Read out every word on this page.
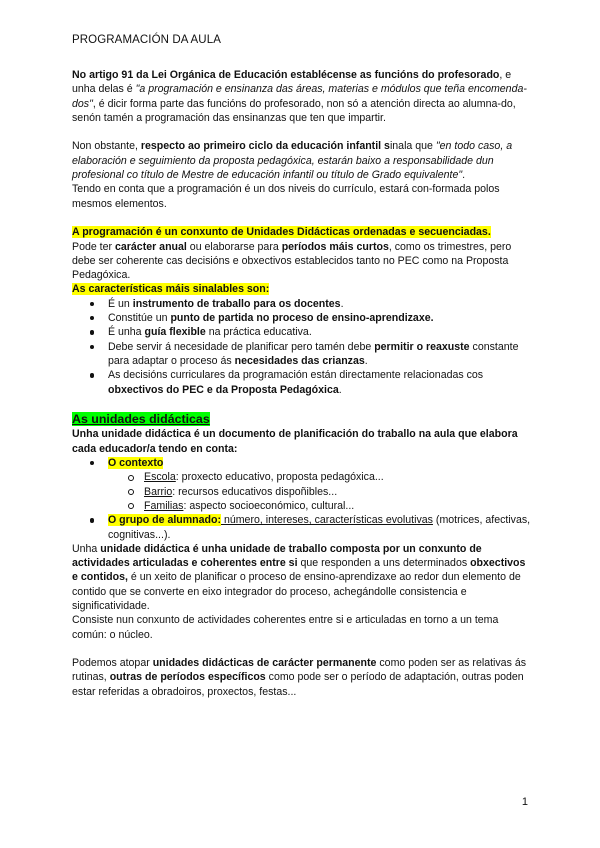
PROGRAMACIÓN DA AULA

No artigo 91 da Lei Orgánica de Educación establécense as funcións do profesorado, e unha delas é "a programación e ensinanza das áreas, materias e módulos que teña encomenda-dos", é dicir forma parte das funcións do profesorado, non só a atención directa ao alumna-do, senón tamén a programación das ensinanzas que ten que impartir.

Non obstante, respecto ao primeiro ciclo da educación infantil sinala que "en todo caso, a elaboración e seguimiento da proposta pedagóxica, estarán baixo a responsabilidade dun profesional co título de Mestre de educación infantil ou título de Grado equivalente".

Tendo en conta que a programación é un dos niveis do currículo, estará con-formada polos mesmos elementos.

A programación é un conxunto de Unidades Didácticas ordenadas e secuenciadas.

Pode ter carácter anual ou elaborarse para períodos máis curtos, como os trimestres, pero debe ser coherente cas decisións e obxectivos establecidos tanto no PEC como na Proposta Pedagóxica.

As características máis sinalables son:

É un instrumento de traballo para os docentes.
Constitúe un punto de partida no proceso de ensino-aprendizaxe.
É unha guía flexible na práctica educativa.
Debe servir á necesidade de planificar pero tamén debe permitir o reaxuste constante para adaptar o proceso ás necesidades das crianzas.
As decisións curriculares da programación están directamente relacionadas cos obxectivos do PEC e da Proposta Pedagóxica.

As unidades didácticas

Unha unidade didáctica é un documento de planificación do traballo na aula que elabora cada educador/a tendo en conta:

O contexto
Escola: proxecto educativo, proposta pedagóxica...
Barrio: recursos educativos dispoñibles...
Familias: aspecto socioeconómico, cultural...
O grupo de alumnado: número, intereses, características evolutivas (motrices, afectivas, cognitivas...).

Unha unidade didáctica é unha unidade de traballo composta por un conxunto de actividades articuladas e coherentes entre si que responden a uns determinados obxectivos e contidos, é un xeito de planificar o proceso de ensino-aprendizaxe ao redor dun elemento de contido que se converte en eixo integrador do proceso, achegándolle consistencia e significatividade.

Consiste nun conxunto de actividades coherentes entre si e articuladas en torno a un tema común: o núcleo.

Podemos atopar unidades didácticas de carácter permanente como poden ser as relativas ás rutinas, outras de períodos específicos como pode ser o período de adaptación, outras poden estar referidas a obradoiros, proxectos, festas...

1
